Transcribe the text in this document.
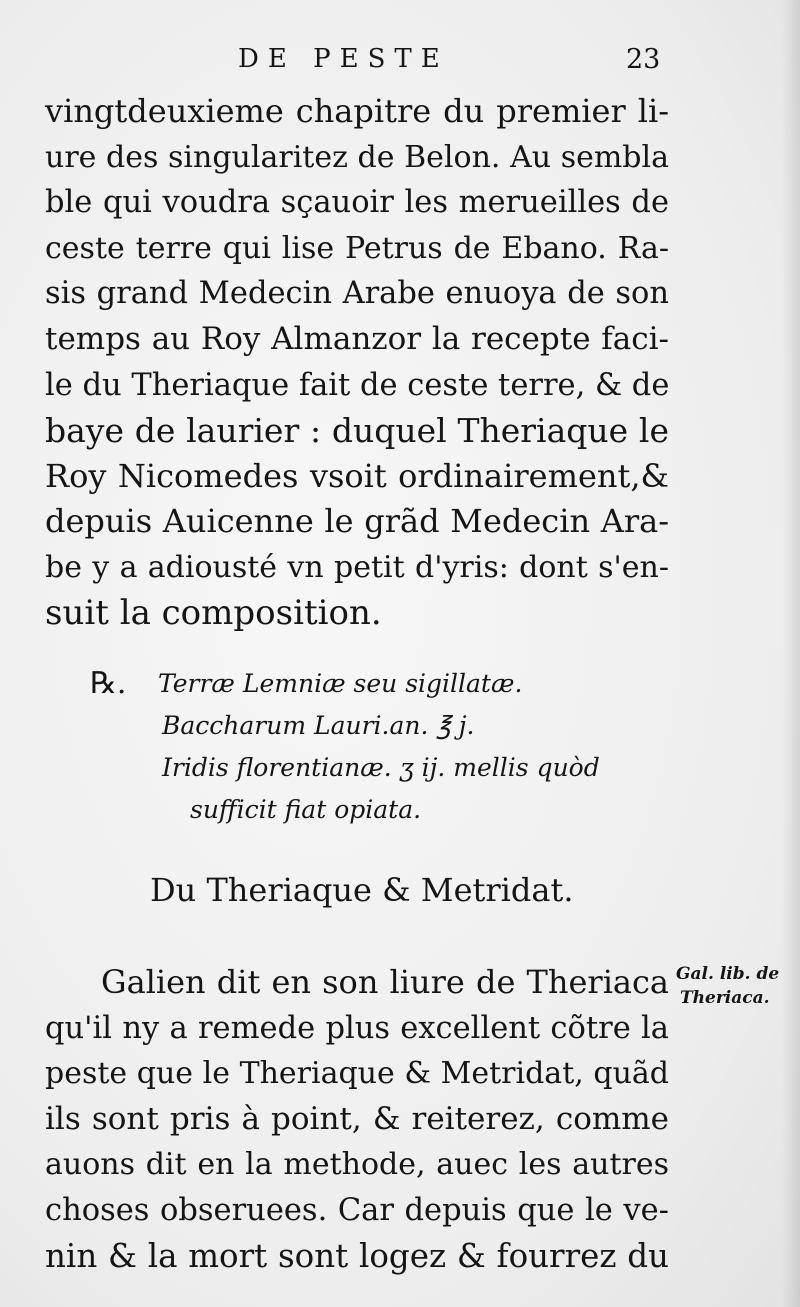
DE PESTE	23
vingtdeuxieme chapitre du premier li-
ure des singularitez de Belon. Au sembla
ble qui voudra sçauoir les merueilles de
ceste terre qui lise Petrus de Ebano. Ra-
sis grand Medecin Arabe enuoya de son
temps au Roy Almanzor la recepte faci-
le du Theriaque fait de ceste terre, & de
baye de laurier : duquel Theriaque le
Roy Nicomedes vsoit ordinairement,&
depuis Auicenne le grãd Medecin Ara-
be y a adiousté vn petit d'yris: dont s'en-
suit la composition.
℞. Terræ Lemniæ seu sigillatæ.
Baccharum Lauri.an. ℥ j.
Iridis florentianæ. ʒ ij. mellis quòd
sufficit fiat opiata.
Du Theriaque & Metridat.
Galien dit en son liure de Theriaca
qu'il ny a remede plus excellent cõtre la
peste que le Theriaque & Metridat, quãd
ils sont pris à point, & reiterez, comme
auons dit en la methode, auec les autres
choses obseruees. Car depuis que le ve-
nin & la mort sont logez & fourrez du
Gal. lib. de
Theriaca.
